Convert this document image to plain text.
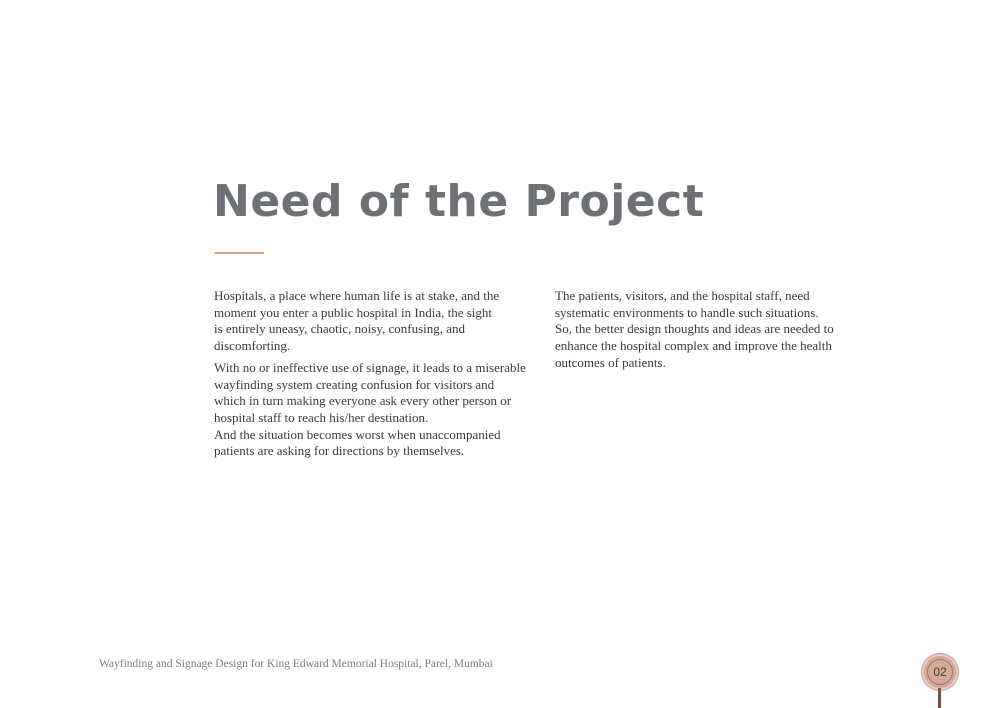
Need of the Project

Hospitals, a place where human life is at stake, and the
moment you enter a public hospital in India, the sight
is entirely uneasy, chaotic, noisy, confusing, and
discomforting.

With no or ineffective use of signage, it leads to a miserable
wayfinding system creating confusion for visitors and
which in turn making everyone ask every other person or
hospital staff to reach his/her destination.
And the situation becomes worst when unaccompanied
patients are asking for directions by themselves.

The patients, visitors, and the hospital staff, need
systematic environments to handle such situations.
So, the better design thoughts and ideas are needed to
enhance the hospital complex and improve the health
outcomes of patients.

Wayfinding and Signage Design for King Edward Memorial Hospital, Parel, Mumbai
02
